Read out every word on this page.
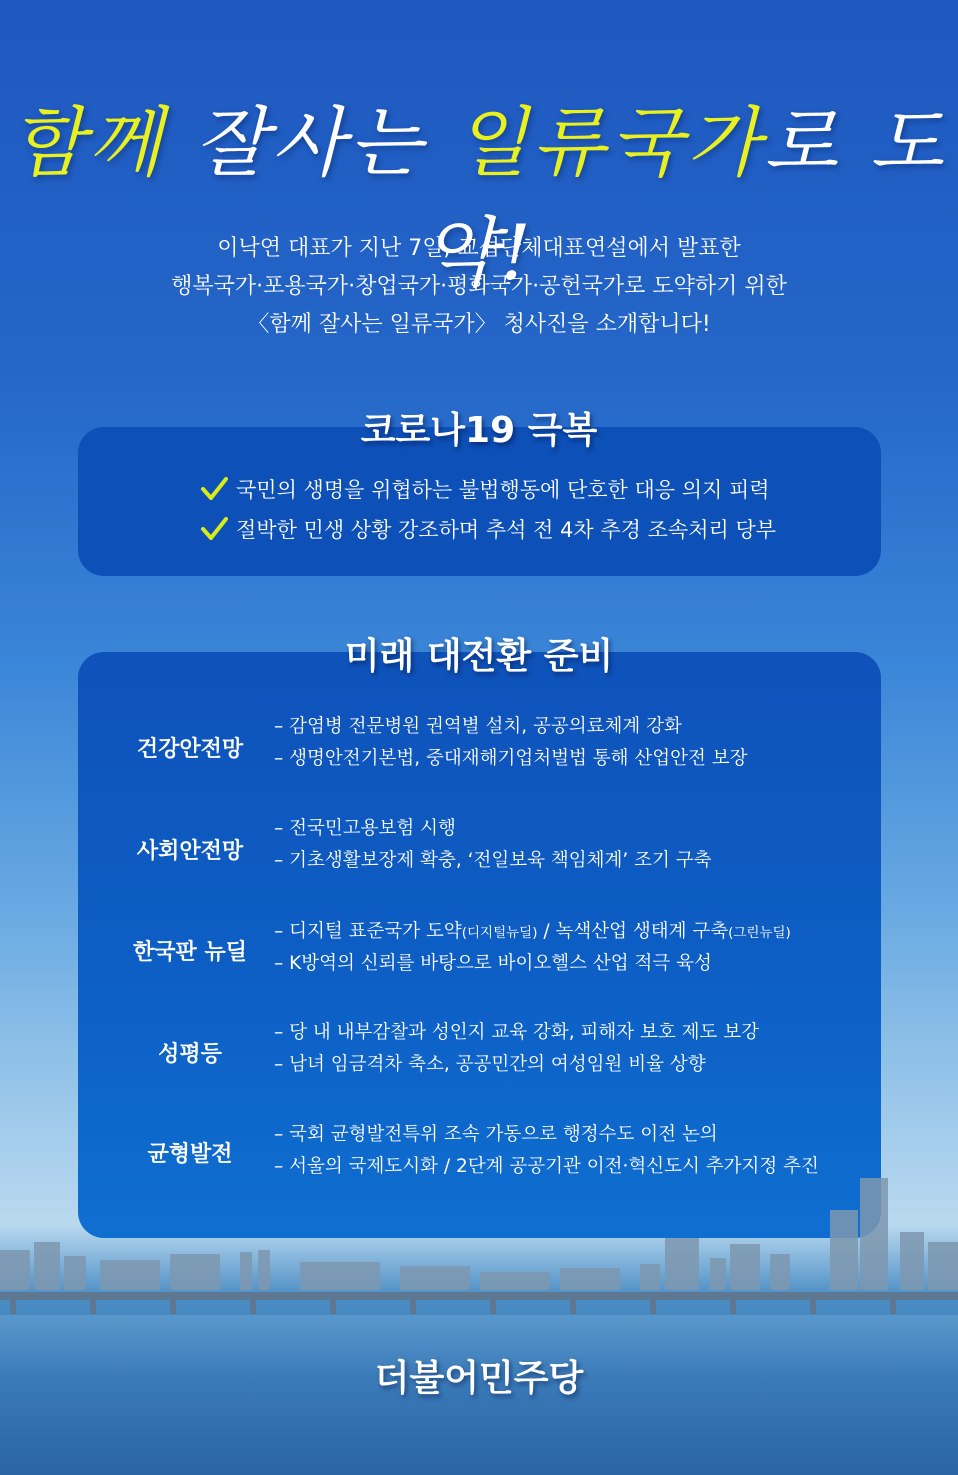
함께 잘사는 일류국가로 도약!
이낙연 대표가 지난 7일, 교섭단체대표연설에서 발표한
행복국가·포용국가·창업국가·평화국가·공헌국가로 도약하기 위한
〈함께 잘사는 일류국가〉 청사진을 소개합니다!
코로나19 극복
국민의 생명을 위협하는 불법행동에 단호한 대응 의지 피력
절박한 민생 상황 강조하며 추석 전 4차 추경 조속처리 당부
미래 대전환 준비
건강안전망
– 감염병 전문병원 권역별 설치, 공공의료체계 강화
– 생명안전기본법, 중대재해기업처벌법 통해 산업안전 보장
사회안전망
– 전국민고용보험 시행
– 기초생활보장제 확충, ‘전일보육 책임체계’ 조기 구축
한국판 뉴딜
– 디지털 표준국가 도약(디지털뉴딜) / 녹색산업 생태계 구축(그린뉴딜)
– K방역의 신뢰를 바탕으로 바이오헬스 산업 적극 육성
성평등
– 당 내 내부감찰과 성인지 교육 강화, 피해자 보호 제도 보강
– 남녀 임금격차 축소, 공공민간의 여성임원 비율 상향
균형발전
– 국회 균형발전특위 조속 가동으로 행정수도 이전 논의
– 서울의 국제도시화 / 2단계 공공기관 이전·혁신도시 추가지정 추진
더불어민주당
